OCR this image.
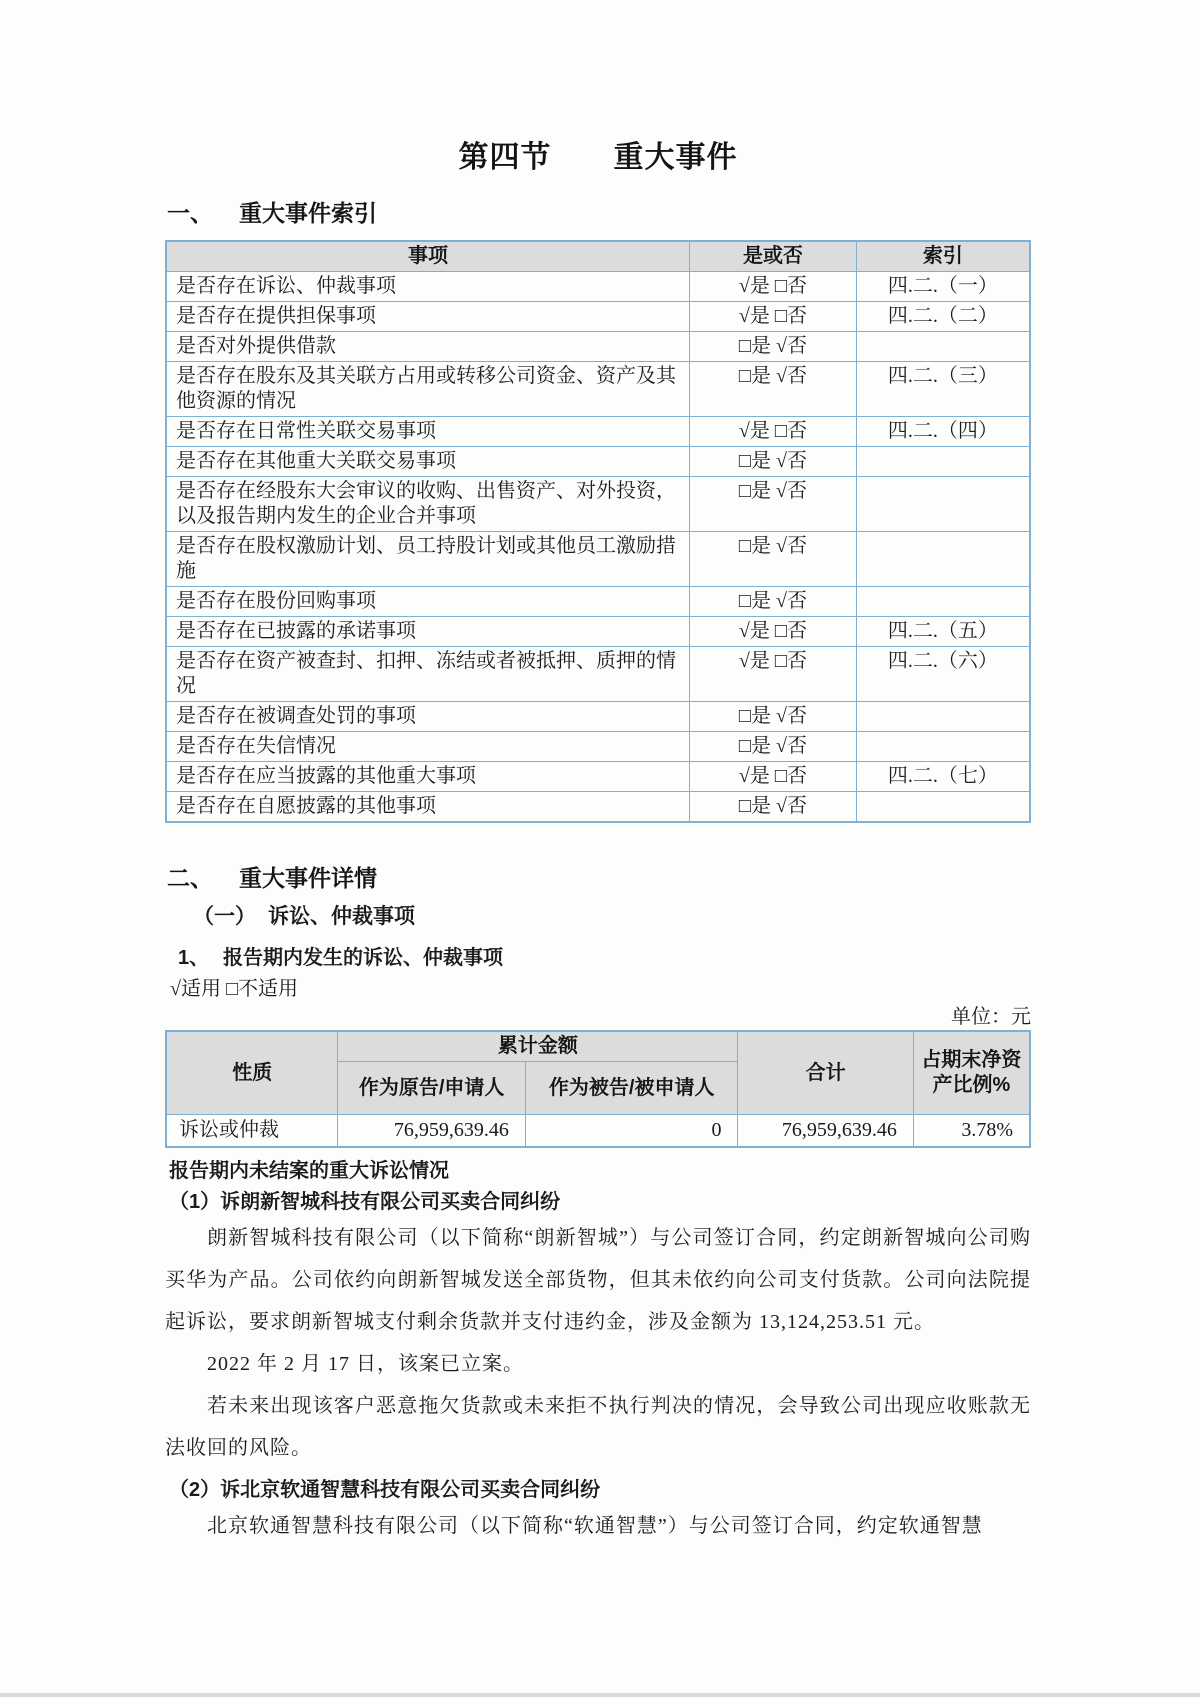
第四节　　重大事件
一、	重大事件索引
事项	是或否	索引
是否存在诉讼、仲裁事项	√是 □否	四.二.（一）
是否存在提供担保事项	√是 □否	四.二.（二）
是否对外提供借款	□是 √否	
是否存在股东及其关联方占用或转移公司资金、资产及其他资源的情况	□是 √否	四.二.（三）
是否存在日常性关联交易事项	√是 □否	四.二.（四）
是否存在其他重大关联交易事项	□是 √否	
是否存在经股东大会审议的收购、出售资产、对外投资，以及报告期内发生的企业合并事项	□是 √否	
是否存在股权激励计划、员工持股计划或其他员工激励措施	□是 √否	
是否存在股份回购事项	□是 √否	
是否存在已披露的承诺事项	√是 □否	四.二.（五）
是否存在资产被查封、扣押、冻结或者被抵押、质押的情况	√是 □否	四.二.（六）
是否存在被调查处罚的事项	□是 √否	
是否存在失信情况	□是 √否	
是否存在应当披露的其他重大事项	√是 □否	四.二.（七）
是否存在自愿披露的其他事项	□是 √否	
二、	重大事件详情
（一） 诉讼、仲裁事项
1、 报告期内发生的诉讼、仲裁事项
√适用 □不适用
单位：元
性质	累计金额		合计	占期末净资产比例%
	作为原告/申请人	作为被告/被申请人		
诉讼或仲裁	76,959,639.46	0	76,959,639.46	3.78%
报告期内未结案的重大诉讼情况
（1）诉朗新智城科技有限公司买卖合同纠纷

朗新智城科技有限公司（以下简称“朗新智城”）与公司签订合同，约定朗新智城向公司购买华为产品。公司依约向朗新智城发送全部货物，但其未依约向公司支付货款。公司向法院提起诉讼，要求朗新智城支付剩余货款并支付违约金，涉及金额为 13,124,253.51 元。

2022 年 2 月 17 日，该案已立案。

若未来出现该客户恶意拖欠货款或未来拒不执行判决的情况，会导致公司出现应收账款无法收回的风险。

（2）诉北京软通智慧科技有限公司买卖合同纠纷

北京软通智慧科技有限公司（以下简称“软通智慧”）与公司签订合同，约定软通智慧
